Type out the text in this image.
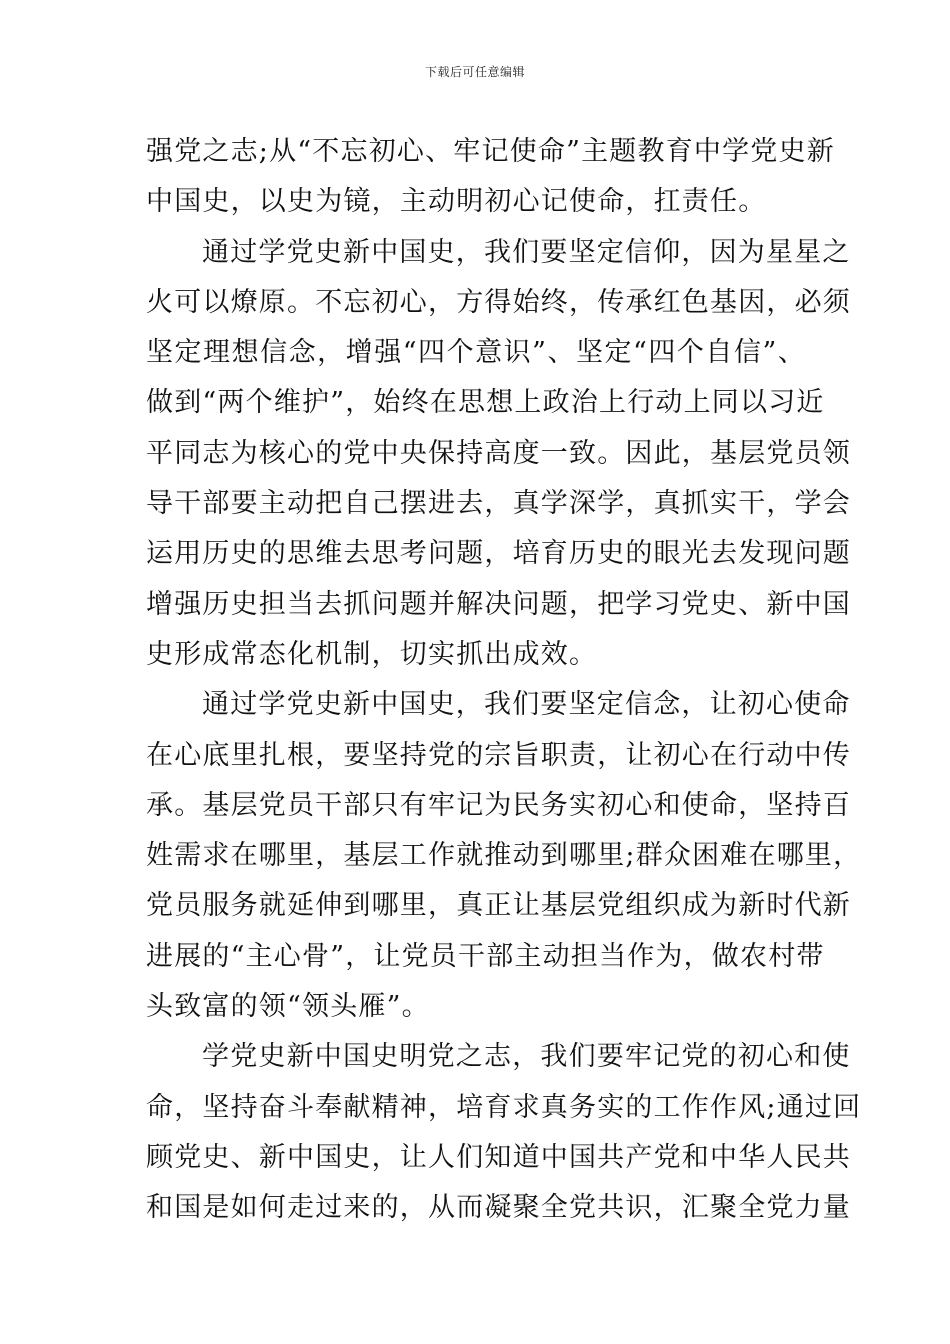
下载后可任意编辑

强党之志;从“不忘初心、牢记使命”主题教育中学党史新
中国史，以史为镜，主动明初心记使命，扛责任。

通过学党史新中国史，我们要坚定信仰，因为星星之
火可以燎原。不忘初心，方得始终，传承红色基因，必须
坚定理想信念，增强“四个意识”、坚定“四个自信”、
做到“两个维护”，始终在思想上政治上行动上同以习近
平同志为核心的党中央保持高度一致。因此，基层党员领
导干部要主动把自己摆进去，真学深学，真抓实干，学会
运用历史的思维去思考问题，培育历史的眼光去发现问题
增强历史担当去抓问题并解决问题，把学习党史、新中国
史形成常态化机制，切实抓出成效。

通过学党史新中国史，我们要坚定信念，让初心使命
在心底里扎根，要坚持党的宗旨职责，让初心在行动中传
承。基层党员干部只有牢记为民务实初心和使命，坚持百
姓需求在哪里，基层工作就推动到哪里;群众困难在哪里，
党员服务就延伸到哪里，真正让基层党组织成为新时代新
进展的“主心骨”，让党员干部主动担当作为，做农村带
头致富的领“领头雁”。

学党史新中国史明党之志，我们要牢记党的初心和使
命，坚持奋斗奉献精神，培育求真务实的工作作风;通过回
顾党史、新中国史，让人们知道中国共产党和中华人民共
和国是如何走过来的，从而凝聚全党共识，汇聚全党力量
